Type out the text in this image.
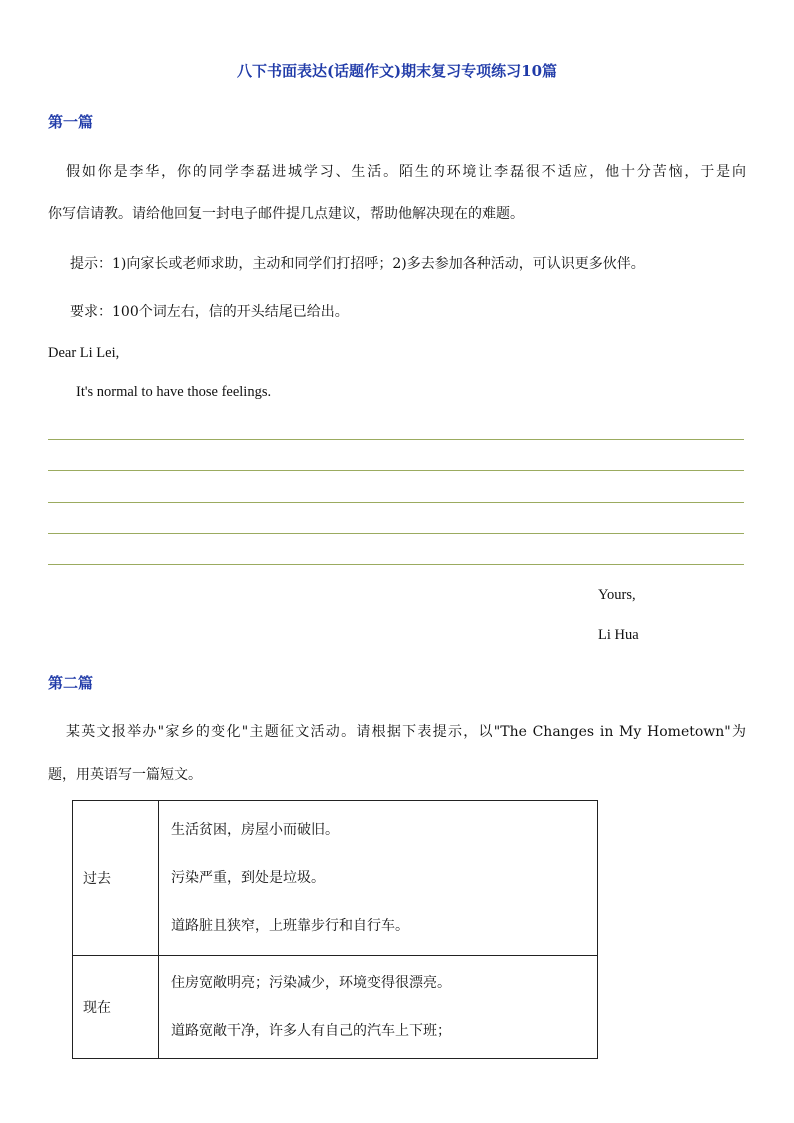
八下书面表达(话题作文)期末复习专项练习10篇
第一篇
假如你是李华，你的同学李磊进城学习、生活。陌生的环境让李磊很不适应，他十分苦恼，于是向
你写信请教。请给他回复一封电子邮件提几点建议，帮助他解决现在的难题。
提示：1)向家长或老师求助，主动和同学们打招呼；2)多去参加各种活动，可认识更多伙伴。
要求：100个词左右，信的开头结尾已给出。
Dear Li Lei,
It's normal to have those feelings.
Yours,
Li Hua
第二篇
某英文报举办"家乡的变化"主题征文活动。请根据下表提示，以"The Changes in My Hometown"为
题，用英语写一篇短文。
过去	生活贫困，房屋小而破旧。
污染严重，到处是垃圾。
道路脏且狭窄，上班靠步行和自行车。

现在	住房宽敞明亮；污染减少，环境变得很漂亮。
道路宽敞干净，许多人有自己的汽车上下班；
